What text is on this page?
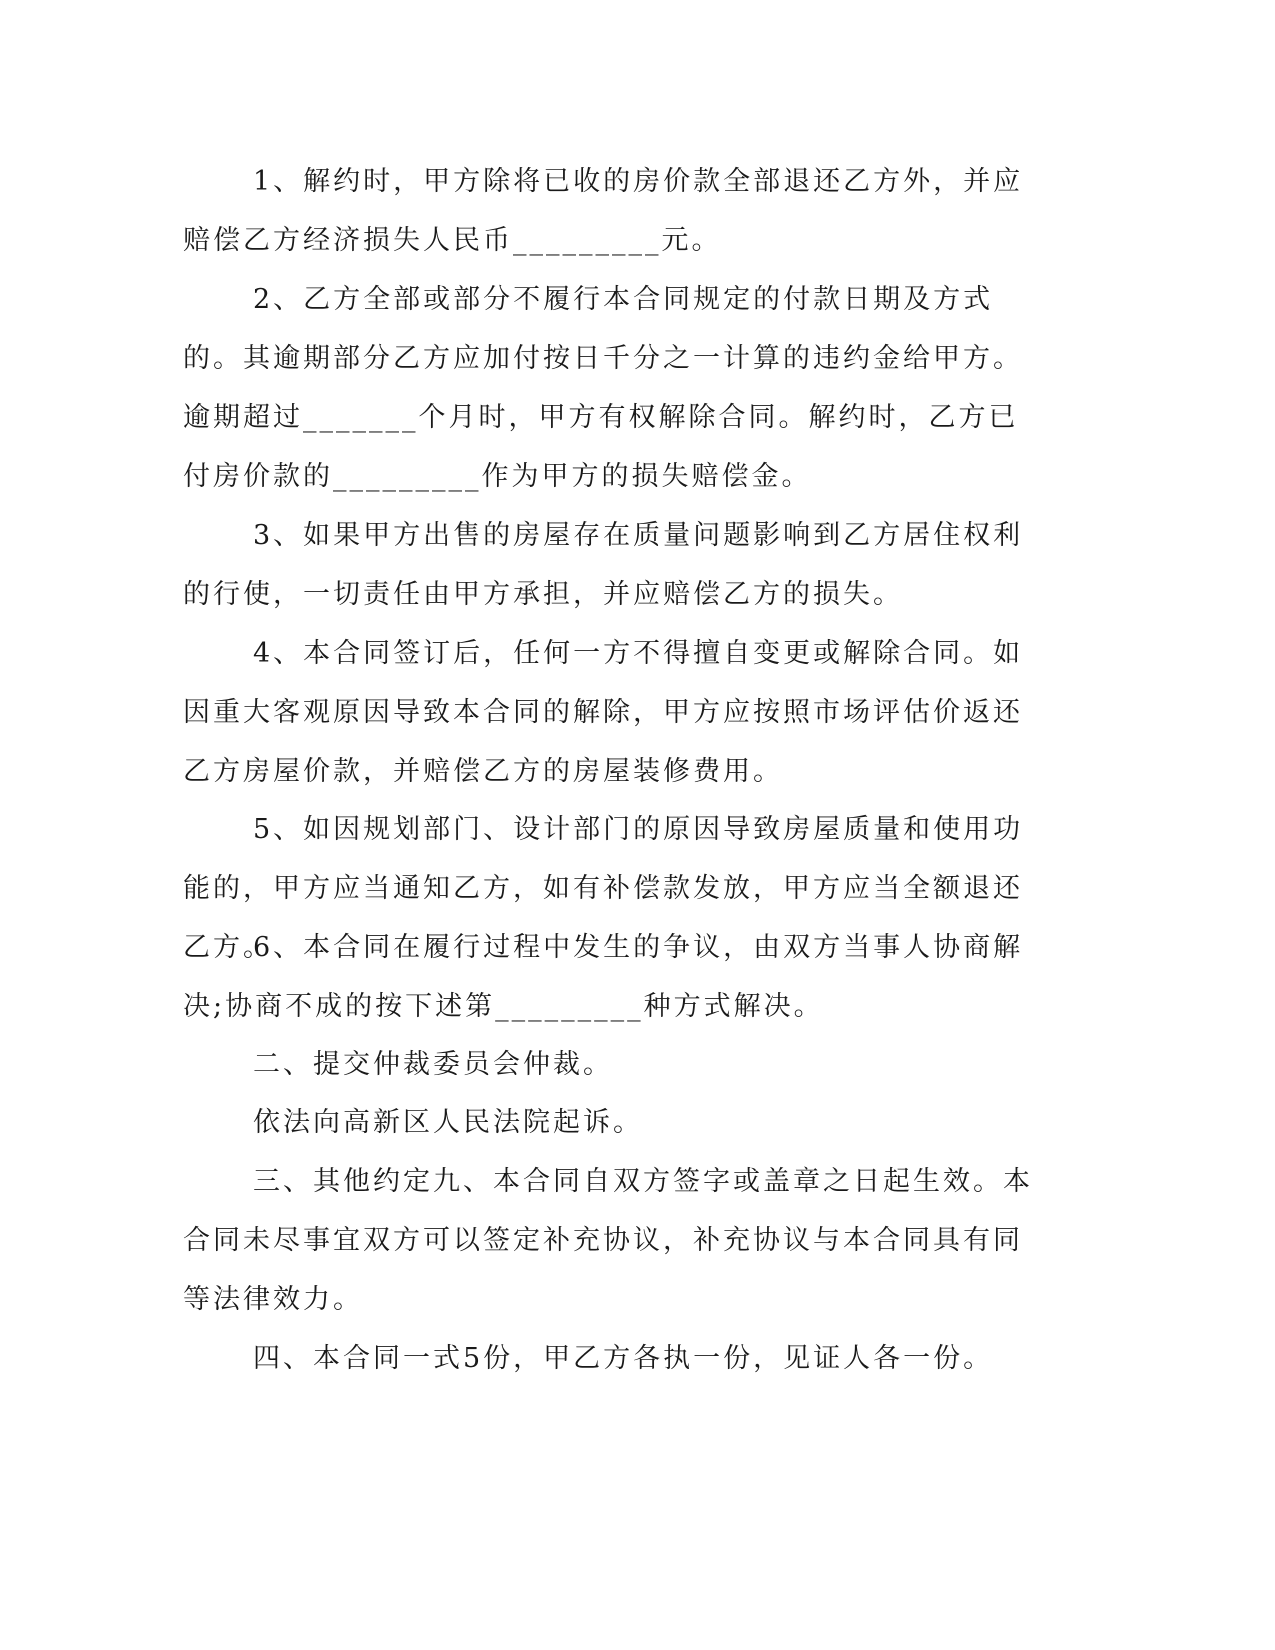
1、解约时，甲方除将已收的房价款全部退还乙方外，并应赔偿乙方经济损失人民币_________元。

2、乙方全部或部分不履行本合同规定的付款日期及方式的。其逾期部分乙方应加付按日千分之一计算的违约金给甲方。逾期超过_______个月时，甲方有权解除合同。解约时，乙方已付房价款的_________作为甲方的损失赔偿金。

3、如果甲方出售的房屋存在质量问题影响到乙方居住权利的行使，一切责任由甲方承担，并应赔偿乙方的损失。

4、本合同签订后，任何一方不得擅自变更或解除合同。如因重大客观原因导致本合同的解除，甲方应按照市场评估价返还乙方房屋价款，并赔偿乙方的房屋装修费用。

5、如因规划部门、设计部门的原因导致房屋质量和使用功能的，甲方应当通知乙方，如有补偿款发放，甲方应当全额退还乙方。

6、本合同在履行过程中发生的争议，由双方当事人协商解决;协商不成的按下述第_________种方式解决。

二、提交仲裁委员会仲裁。

依法向高新区人民法院起诉。

三、其他约定九、本合同自双方签字或盖章之日起生效。本合同未尽事宜双方可以签定补充协议，补充协议与本合同具有同等法律效力。

四、本合同一式5份，甲乙方各执一份，见证人各一份。
